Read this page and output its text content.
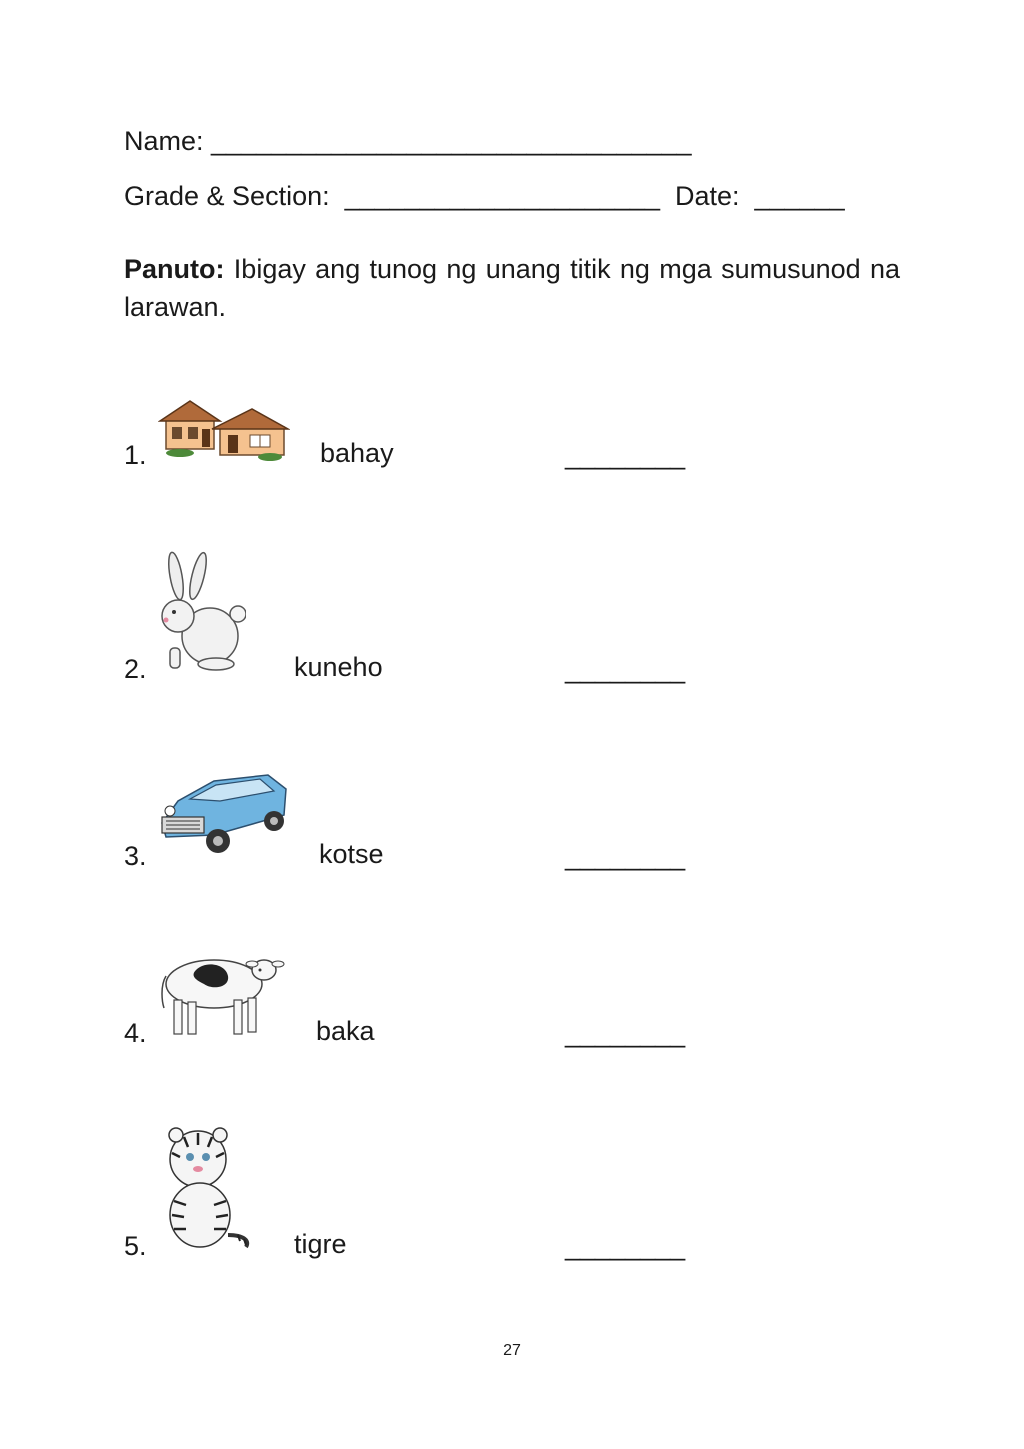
Name: ________________________________
Grade & Section:  _____________________  Date:  ______
Panuto: Ibigay ang tunog ng unang titik ng mga sumusunod na larawan.
1.	bahay	________
2.	kuneho	________
3.	kotse	________
4.	baka	________
5.	tigre	________
27
